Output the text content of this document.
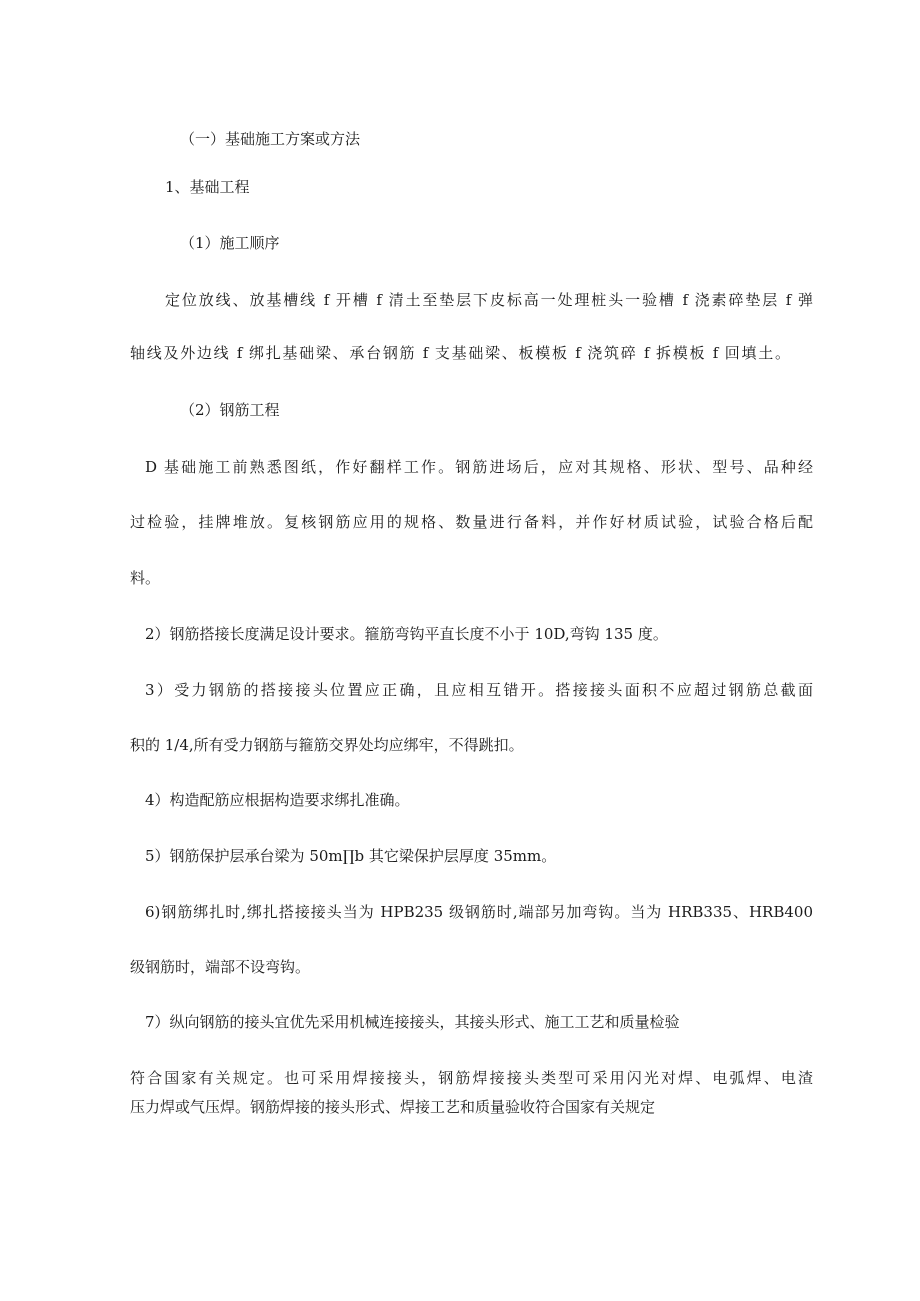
（一）基础施工方案或方法
1、基础工程
（1）施工顺序
定位放线、放基槽线 f 开槽 f 清土至垫层下皮标高一处理桩头一验槽 f 浇素碎垫层 f 弹
轴线及外边线 f 绑扎基础梁、承台钢筋 f 支基础梁、板模板 f 浇筑碎 f 拆模板 f 回填土。
（2）钢筋工程
D 基础施工前熟悉图纸，作好翻样工作。钢筋进场后，应对其规格、形状、型号、品种经
过检验，挂牌堆放。复核钢筋应用的规格、数量进行备料，并作好材质试验，试验合格后配
料。
2）钢筋搭接长度满足设计要求。箍筋弯钩平直长度不小于 10D,弯钩 135 度。
3）受力钢筋的搭接接头位置应正确，且应相互错开。搭接接头面积不应超过钢筋总截面
积的 1/4,所有受力钢筋与箍筋交界处均应绑牢，不得跳扣。
4）构造配筋应根据构造要求绑扎准确。
5）钢筋保护层承台梁为 50m∏b 其它梁保护层厚度 35mm。
6)钢筋绑扎时,绑扎搭接接头当为 HPB235 级钢筋时,端部另加弯钩。当为 HRB335、HRB400
级钢筋时，端部不设弯钩。
7）纵向钢筋的接头宜优先采用机械连接接头，其接头形式、施工工艺和质量检验
符合国家有关规定。也可采用焊接接头，钢筋焊接接头类型可采用闪光对焊、电弧焊、电渣
压力焊或气压焊。钢筋焊接的接头形式、焊接工艺和质量验收符合国家有关规定
